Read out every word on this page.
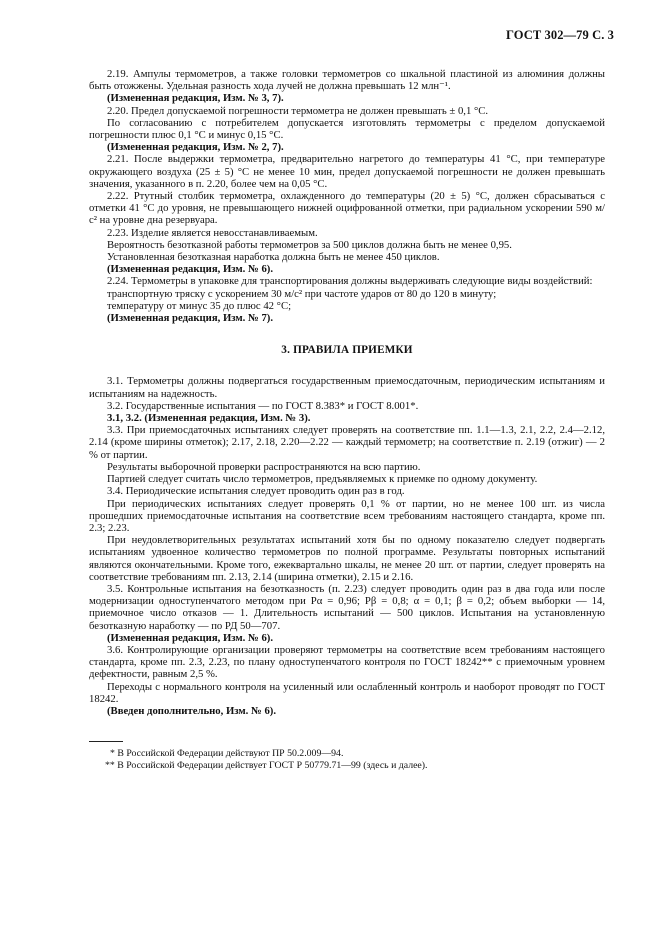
ГОСТ 302—79 С. 3

2.19. Ампулы термометров, а также головки термометров со шкальной пластиной из алюминия должны быть отожжены. Удельная разность хода лучей не должна превышать 12 млн⁻¹.

(Измененная редакция, Изм. № 3, 7).

2.20. Предел допускаемой погрешности термометра не должен превышать ± 0,1 °С.

По согласованию с потребителем допускается изготовлять термометры с пределом допускаемой погрешности плюс 0,1 °С и минус 0,15 °С.

(Измененная редакция, Изм. № 2, 7).

2.21. После выдержки термометра, предварительно нагретого до температуры 41 °С, при температуре окружающего воздуха (25 ± 5) °С не менее 10 мин, предел допускаемой погрешности не должен превышать значения, указанного в п. 2.20, более чем на 0,05 °С.

2.22. Ртутный столбик термометра, охлажденного до температуры (20 ± 5) °С, должен сбрасываться с отметки 41 °С до уровня, не превышающего нижней оцифрованной отметки, при радиальном ускорении 590 м/с² на уровне дна резервуара.

2.23. Изделие является невосстанавливаемым.

Вероятность безотказной работы термометров за 500 циклов должна быть не менее 0,95.

Установленная безотказная наработка должна быть не менее 450 циклов.

(Измененная редакция, Изм. № 6).

2.24. Термометры в упаковке для транспортирования должны выдерживать следующие виды воздействий:

транспортную тряску с ускорением 30 м/с² при частоте ударов от 80 до 120 в минуту;

температуру от минус 35 до плюс 42 °С;

(Измененная редакция, Изм. № 7).

3. ПРАВИЛА ПРИЕМКИ

3.1. Термометры должны подвергаться государственным приемосдаточным, периодическим испытаниям и испытаниям на надежность.

3.2. Государственные испытания — по ГОСТ 8.383* и ГОСТ 8.001*.

3.1, 3.2. (Измененная редакция, Изм. № 3).

3.3. При приемосдаточных испытаниях следует проверять на соответствие пп. 1.1—1.3, 2.1, 2.2, 2.4—2.12, 2.14 (кроме ширины отметок); 2.17, 2.18, 2.20—2.22 — каждый термометр; на соответствие п. 2.19 (отжиг) — 2 % от партии.

Результаты выборочной проверки распространяются на всю партию.

Партией следует считать число термометров, предъявляемых к приемке по одному документу.

3.4. Периодические испытания следует проводить один раз в год.

При периодических испытаниях следует проверять 0,1 % от партии, но не менее 100 шт. из числа прошедших приемосдаточные испытания на соответствие всем требованиям настоящего стандарта, кроме пп. 2.3; 2.23.

При неудовлетворительных результатах испытаний хотя бы по одному показателю следует подвергать испытаниям удвоенное количество термометров по полной программе. Результаты повторных испытаний являются окончательными. Кроме того, ежеквартально шкалы, не менее 20 шт. от партии, следует проверять на соответствие требованиям пп. 2.13, 2.14 (ширина отметки), 2.15 и 2.16.

3.5. Контрольные испытания на безотказность (п. 2.23) следует проводить один раз в два года или после модернизации одноступенчатого методом при Pα = 0,96; Pβ = 0,8; α = 0,1; β = 0,2; объем выборки — 14, приемочное число отказов — 1. Длительность испытаний — 500 циклов. Испытания на установленную безотказную наработку — по РД 50—707.

(Измененная редакция, Изм. № 6).

3.6. Контролирующие организации проверяют термометры на соответствие всем требованиям настоящего стандарта, кроме пп. 2.3, 2.23, по плану одноступенчатого контроля по ГОСТ 18242** с приемочным уровнем дефектности, равным 2,5 %.

Переходы с нормального контроля на усиленный или ослабленный контроль и наоборот проводят по ГОСТ 18242.

(Введен дополнительно, Изм. № 6).

* В Российской Федерации действуют ПР 50.2.009—94.

** В Российской Федерации действует ГОСТ Р 50779.71—99 (здесь и далее).
